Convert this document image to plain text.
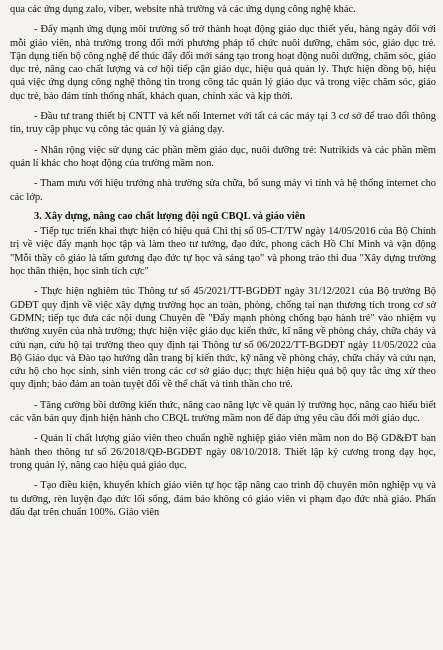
qua các ứng dụng zalo, viber, website nhà trường và các ứng dụng công nghệ khác.

- Đẩy mạnh ứng dụng môi trường số trở thành hoạt động giáo dục thiết yếu, hàng ngày đối với mỗi giáo viên, nhà trường trong đổi mới phương pháp tổ chức nuôi dưỡng, chăm sóc, giáo dục trẻ. Tận dụng tiến bộ công nghệ để thúc đẩy đổi mới sáng tạo trong hoạt động nuôi dưỡng, chăm sóc, giáo dục trẻ, nâng cao chất lượng và cơ hội tiếp cận giáo dục, hiệu quả quản lý. Thực hiện đồng bộ, hiệu quả việc ứng dụng công nghệ thông tin trong công tác quản lý giáo dục và trong việc chăm sóc, giáo dục trẻ, bảo đảm tính thống nhất, khách quan, chính xác và kịp thời.

- Đầu tư trang thiết bị CNTT và kết nối Internet với tất cả các máy tại 3 cơ sở để trao đổi thông tin, truy cập phục vụ công tác quản lý và giảng dạy.

- Nhân rộng việc sử dụng các phần mềm giáo dục, nuôi dưỡng trẻ: Nutrikids và các phần mềm quản lí khác cho hoạt động của trường mầm non.

- Tham mưu với hiệu trưởng nhà trường sửa chữa, bổ sung máy vi tính và hệ thống internet cho các lớp.

3. Xây dựng, nâng cao chất lượng đội ngũ CBQL và giáo viên

- Tiếp tục triển khai thực hiện có hiệu quả Chỉ thị số 05-CT/TW ngày 14/05/2016 của Bộ Chính trị về việc đẩy mạnh học tập và làm theo tư tưởng, đạo đức, phong cách Hồ Chí Minh và vận động "Mỗi thầy cô giáo là tấm gương đạo đức tự học và sáng tạo" và phong trào thi đua "Xây dựng trường học thân thiện, học sinh tích cực"

- Thực hiện nghiêm túc Thông tư số 45/2021/TT-BGDĐT ngày 31/12/2021 của Bộ trưởng Bộ GDĐT quy định về việc xây dựng trường học an toàn, phòng, chống tai nạn thương tích trong cơ sở GDMN; tiếp tục đưa các nội dung Chuyên đề "Đẩy mạnh phòng chống bạo hành trẻ" vào nhiệm vụ thường xuyên của nhà trường; thực hiện việc giáo dục kiến thức, kĩ năng về phòng cháy, chữa cháy và cứu nạn, cứu hộ tại trường theo quy định tại Thông tư số 06/2022/TT-BGDĐT ngày 11/05/2022 của Bộ Giáo dục và Đào tạo hướng dẫn trang bị kiến thức, kỹ năng về phòng cháy, chữa cháy và cứu nạn, cứu hộ cho học sinh, sinh viên trong các cơ sở giáo dục; thực hiện hiệu quả bộ quy tắc ứng xử theo quy định; bảo đảm an toàn tuyệt đối về thể chất và tinh thần cho trẻ.

- Tăng cường bồi dưỡng kiến thức, nâng cao năng lực về quản lý trường học, nâng cao hiểu biết các văn bản quy định hiện hành cho CBQL trường mầm non để đáp ứng yêu cầu đổi mới giáo dục.

- Quản lí chất lượng giáo viên theo chuẩn nghề nghiệp giáo viên mầm non do Bộ GD&ĐT ban hành theo thông tư số 26/2018/QĐ-BGDĐT ngày 08/10/2018. Thiết lập kỷ cương trong dạy học, trong quản lý, nâng cao hiệu quả giáo dục.

- Tạo điều kiện, khuyến khích giáo viên tự học tập nâng cao trình độ chuyên môn nghiệp vụ và tu dưỡng, rèn luyện đạo đức lối sống, đảm bảo không có giáo viên vi phạm đạo đức nhà giáo. Phấn đấu đạt trên chuẩn 100%. Giáo viên
